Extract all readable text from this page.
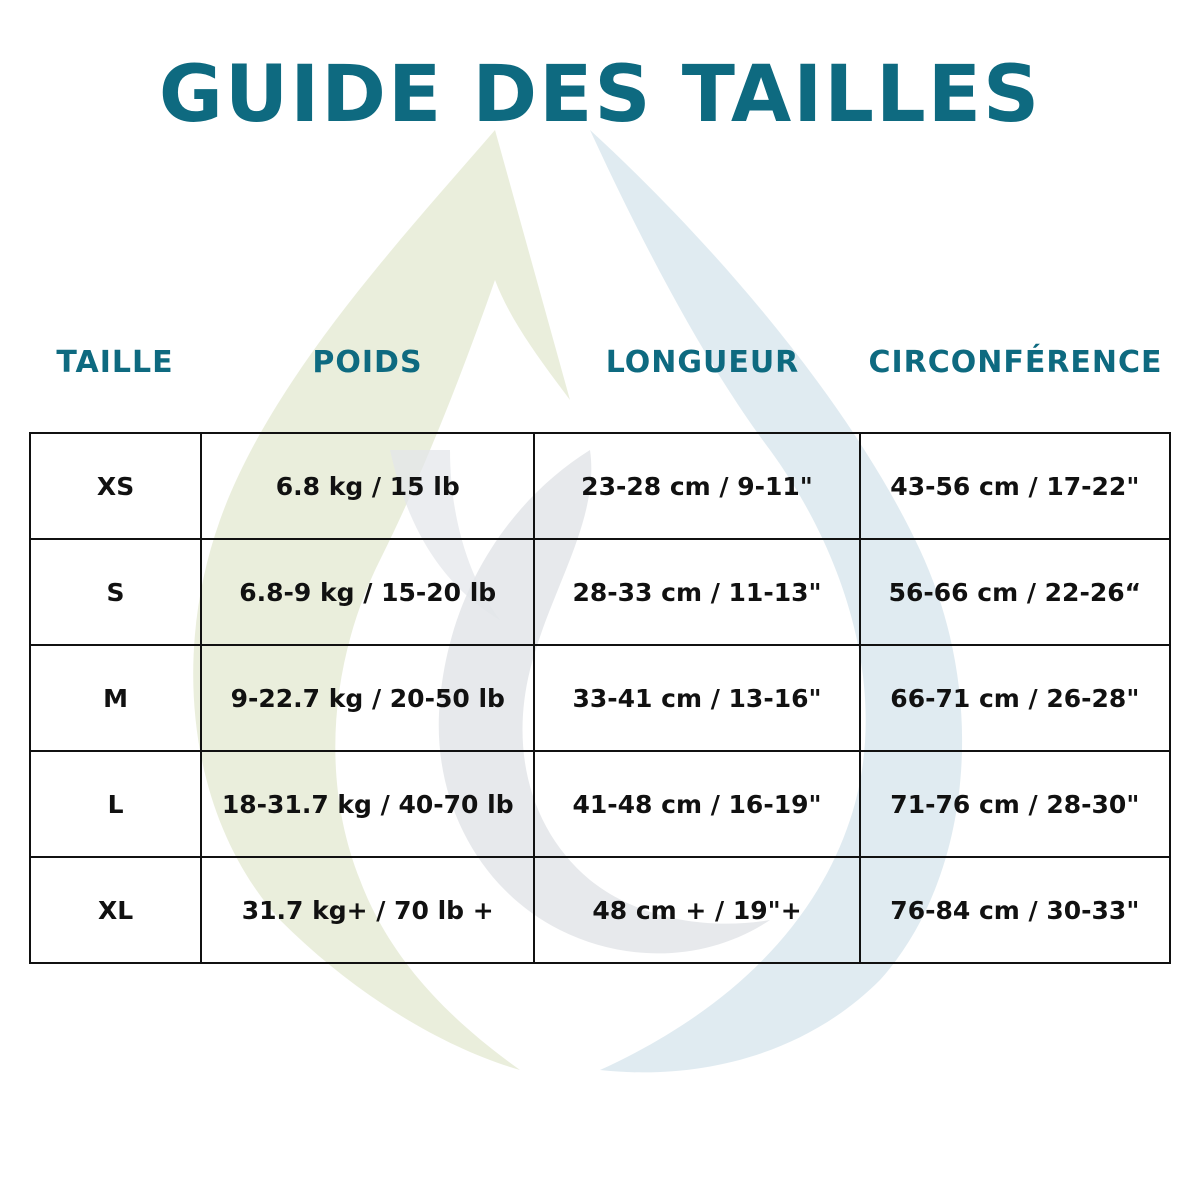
GUIDE DES TAILLES
TAILLE	POIDS	LONGUEUR	CIRCONFÉRENCE
XS	6.8 kg / 15 lb	23-28 cm / 9-11"	43-56 cm / 17-22"
S	6.8-9 kg / 15-20 lb	28-33 cm / 11-13"	56-66 cm / 22-26“
M	9-22.7 kg / 20-50 lb	33-41 cm / 13-16"	66-71 cm / 26-28"
L	18-31.7 kg / 40-70 lb	41-48 cm / 16-19"	71-76 cm / 28-30"
XL	31.7 kg+ / 70 lb +	48 cm + / 19"+	76-84 cm / 30-33"
